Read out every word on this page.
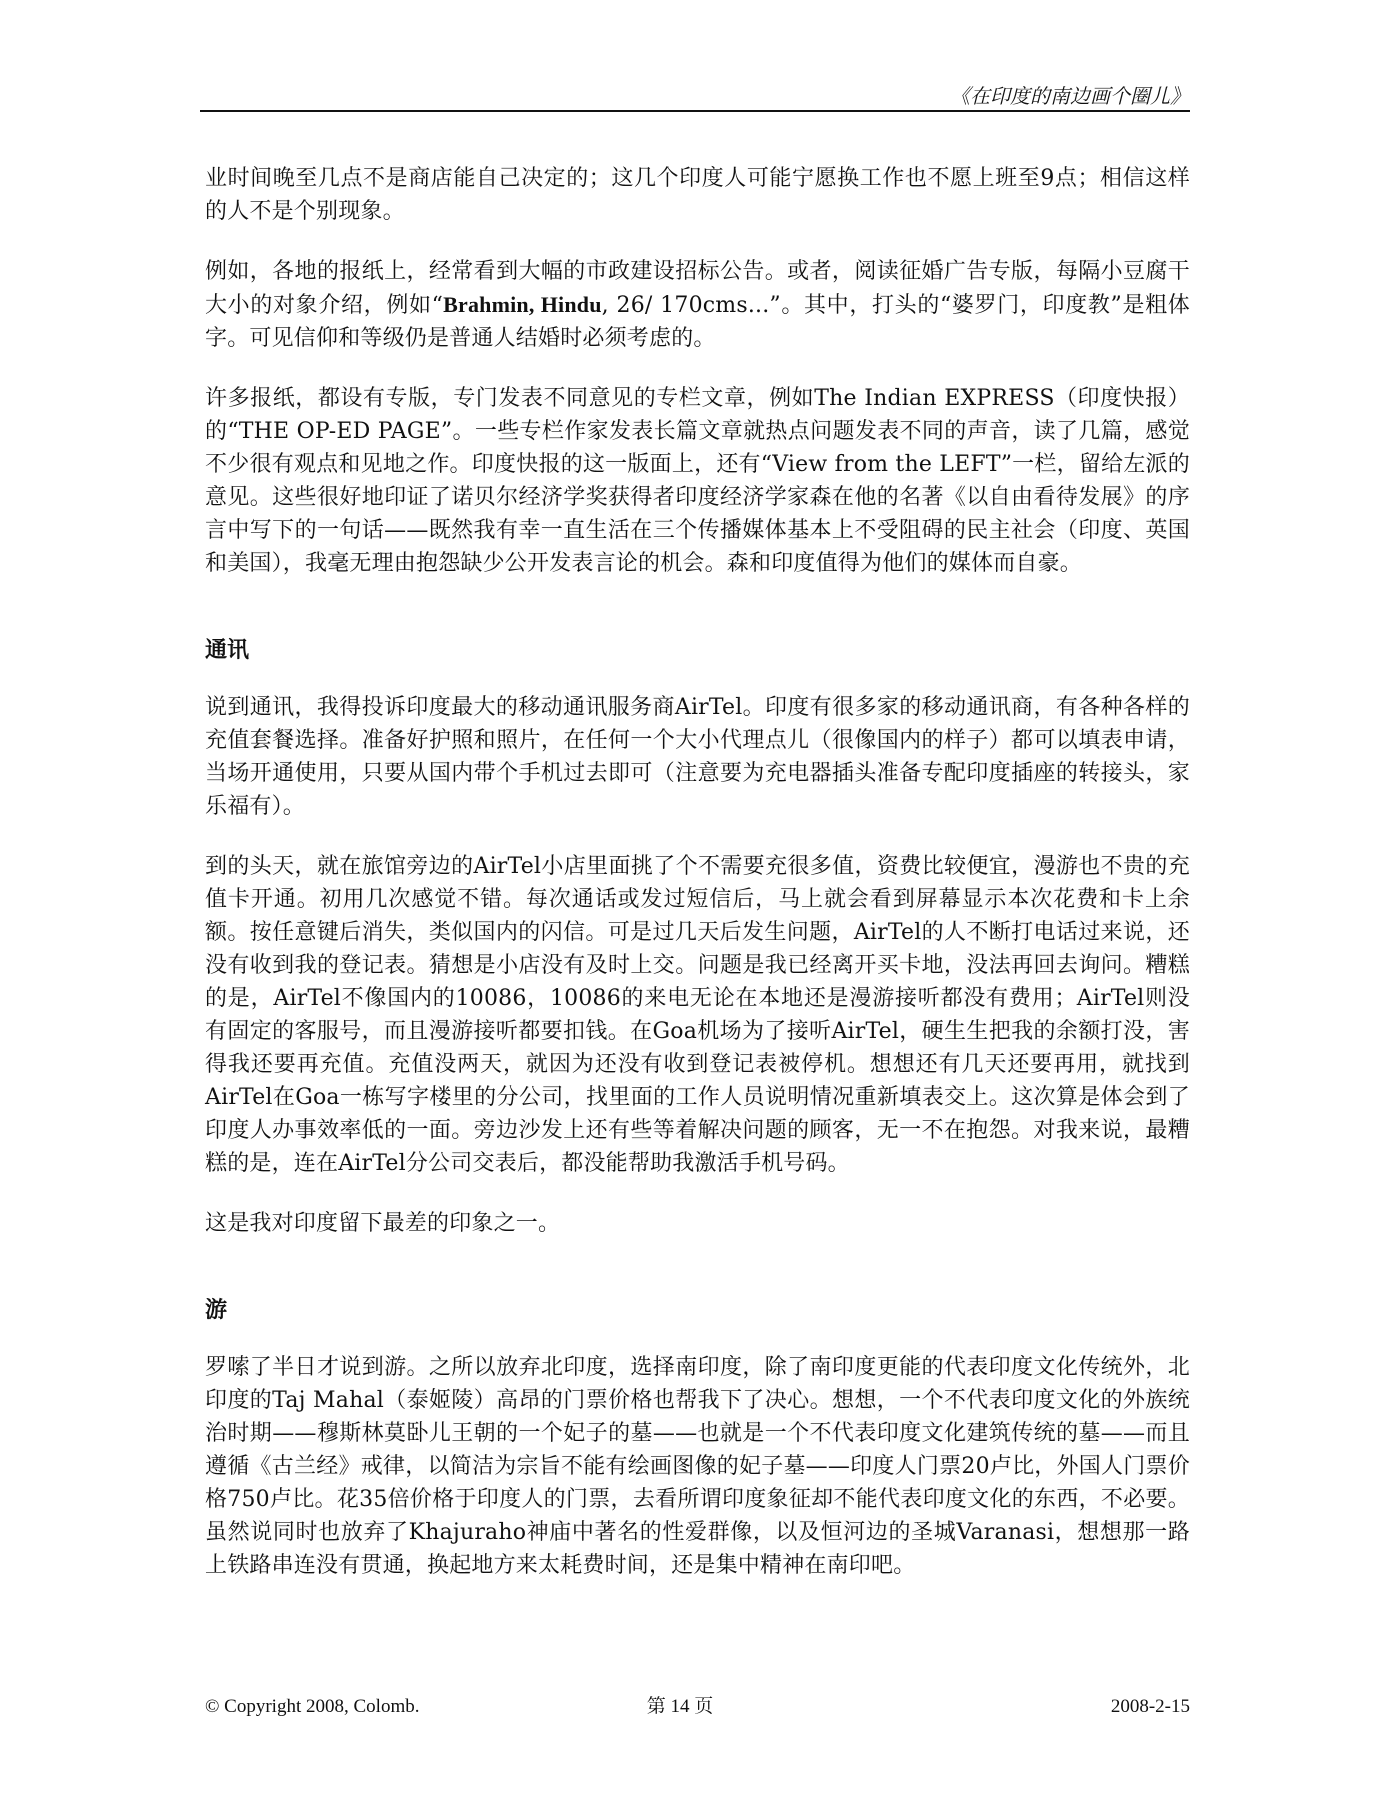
《在印度的南边画个圈儿》

业时间晚至几点不是商店能自己决定的；这几个印度人可能宁愿换工作也不愿上班至9点；相信这样的人不是个别现象。

例如，各地的报纸上，经常看到大幅的市政建设招标公告。或者，阅读征婚广告专版，每隔小豆腐干大小的对象介绍，例如“Brahmin, Hindu, 26/ 170cms...”。其中，打头的“婆罗门，印度教”是粗体字。可见信仰和等级仍是普通人结婚时必须考虑的。

许多报纸，都设有专版，专门发表不同意见的专栏文章，例如The Indian EXPRESS（印度快报）的“THE OP-ED PAGE”。一些专栏作家发表长篇文章就热点问题发表不同的声音，读了几篇，感觉不少很有观点和见地之作。印度快报的这一版面上，还有“View from the LEFT”一栏，留给左派的意见。这些很好地印证了诺贝尔经济学奖获得者印度经济学家森在他的名著《以自由看待发展》的序言中写下的一句话——既然我有幸一直生活在三个传播媒体基本上不受阻碍的民主社会（印度、英国和美国），我毫无理由抱怨缺少公开发表言论的机会。森和印度值得为他们的媒体而自豪。

通讯

说到通讯，我得投诉印度最大的移动通讯服务商AirTel。印度有很多家的移动通讯商，有各种各样的充值套餐选择。准备好护照和照片，在任何一个大小代理点儿（很像国内的样子）都可以填表申请，当场开通使用，只要从国内带个手机过去即可（注意要为充电器插头准备专配印度插座的转接头，家乐福有）。

到的头天，就在旅馆旁边的AirTel小店里面挑了个不需要充很多值，资费比较便宜，漫游也不贵的充值卡开通。初用几次感觉不错。每次通话或发过短信后，马上就会看到屏幕显示本次花费和卡上余额。按任意键后消失，类似国内的闪信。可是过几天后发生问题，AirTel的人不断打电话过来说，还没有收到我的登记表。猜想是小店没有及时上交。问题是我已经离开买卡地，没法再回去询问。糟糕的是，AirTel不像国内的10086，10086的来电无论在本地还是漫游接听都没有费用；AirTel则没有固定的客服号，而且漫游接听都要扣钱。在Goa机场为了接听AirTel，硬生生把我的余额打没，害得我还要再充值。充值没两天，就因为还没有收到登记表被停机。想想还有几天还要再用，就找到AirTel在Goa一栋写字楼里的分公司，找里面的工作人员说明情况重新填表交上。这次算是体会到了印度人办事效率低的一面。旁边沙发上还有些等着解决问题的顾客，无一不在抱怨。对我来说，最糟糕的是，连在AirTel分公司交表后，都没能帮助我激活手机号码。

这是我对印度留下最差的印象之一。

游

罗嗦了半日才说到游。之所以放弃北印度，选择南印度，除了南印度更能的代表印度文化传统外，北印度的Taj Mahal（泰姬陵）高昂的门票价格也帮我下了决心。想想，一个不代表印度文化的外族统治时期——穆斯林莫卧儿王朝的一个妃子的墓——也就是一个不代表印度文化建筑传统的墓——而且遵循《古兰经》戒律，以简洁为宗旨不能有绘画图像的妃子墓——印度人门票20卢比，外国人门票价格750卢比。花35倍价格于印度人的门票，去看所谓印度象征却不能代表印度文化的东西，不必要。虽然说同时也放弃了Khajuraho神庙中著名的性爱群像，以及恒河边的圣城Varanasi，想想那一路上铁路串连没有贯通，换起地方来太耗费时间，还是集中精神在南印吧。

© Copyright 2008, Colomb.	第 14 页	2008-2-15
